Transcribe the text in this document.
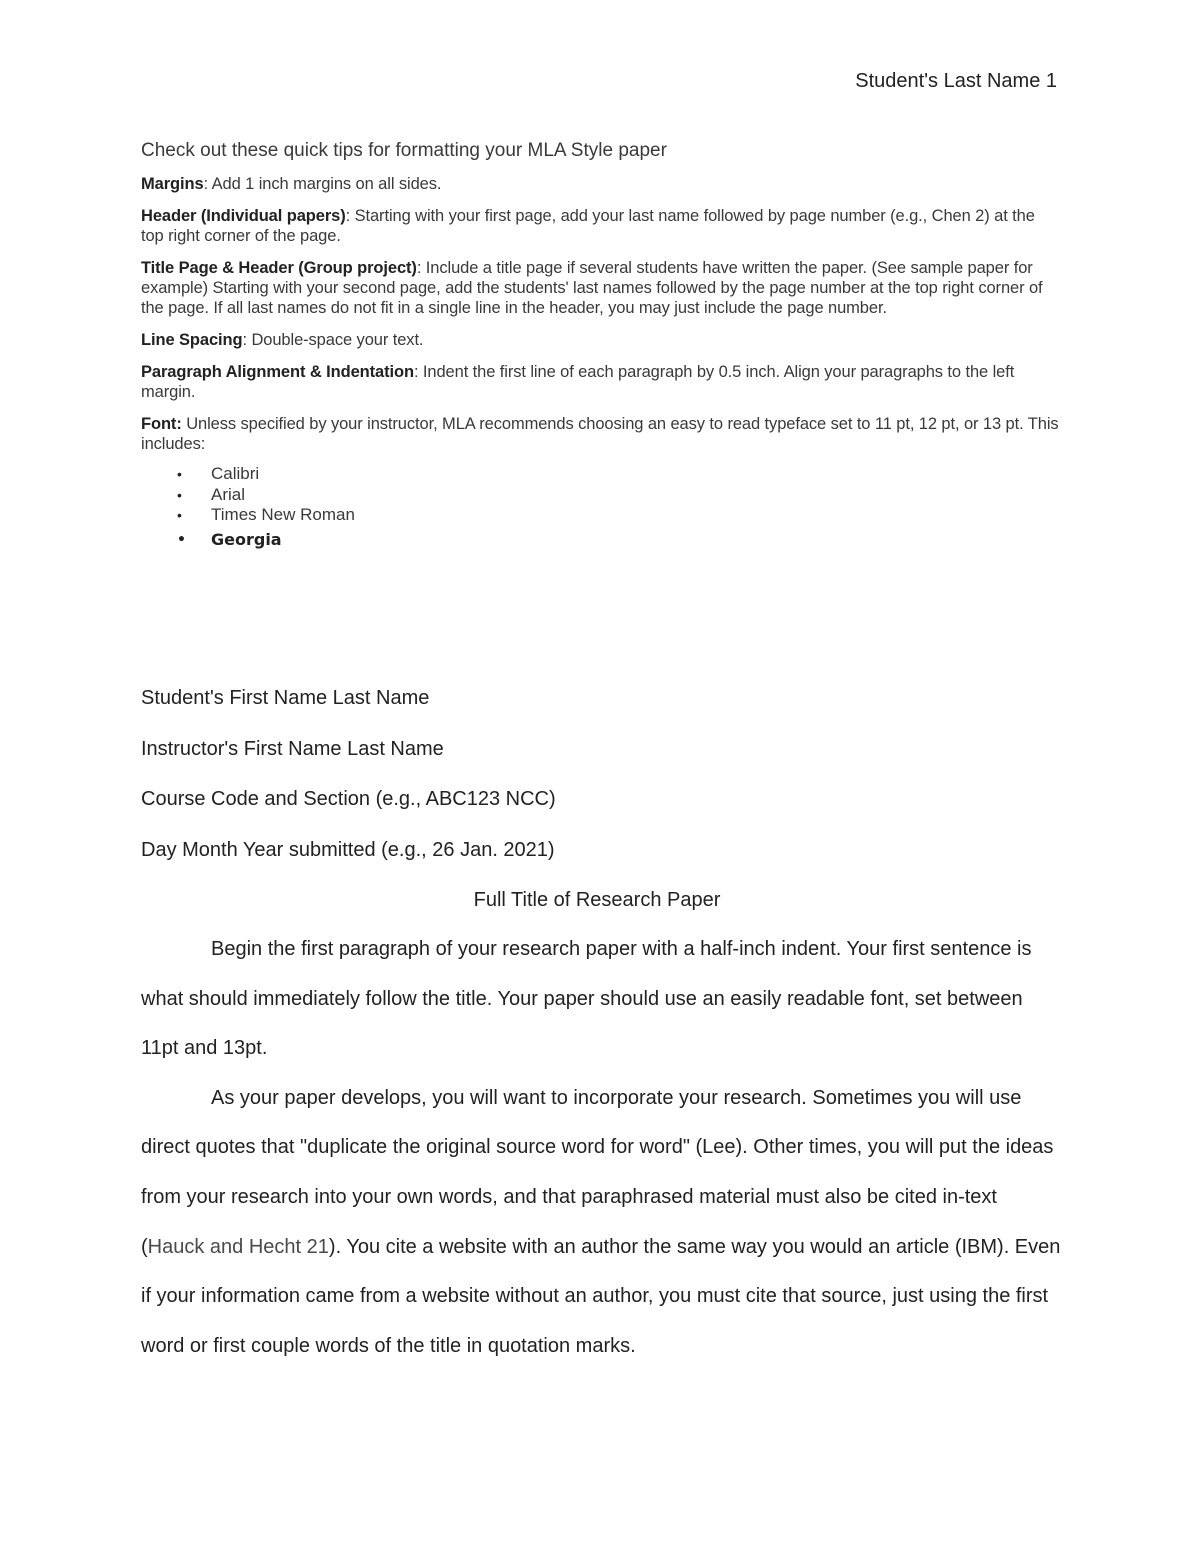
Student's Last Name 1

Check out these quick tips for formatting your MLA Style paper

Margins: Add 1 inch margins on all sides.

Header (Individual papers): Starting with your first page, add your last name followed by page number (e.g., Chen 2) at the top right corner of the page.

Title Page & Header (Group project): Include a title page if several students have written the paper. (See sample paper for example) Starting with your second page, add the students' last names followed by the page number at the top right corner of the page. If all last names do not fit in a single line in the header, you may just include the page number.

Line Spacing: Double-space your text.

Paragraph Alignment & Indentation: Indent the first line of each paragraph by 0.5 inch. Align your paragraphs to the left margin.

Font: Unless specified by your instructor, MLA recommends choosing an easy to read typeface set to 11 pt, 12 pt, or 13 pt. This includes:

• Calibri
• Arial
• Times New Roman
• Georgia

Student's First Name Last Name

Instructor's First Name Last Name

Course Code and Section (e.g., ABC123 NCC)

Day Month Year submitted (e.g., 26 Jan. 2021)

Full Title of Research Paper

Begin the first paragraph of your research paper with a half-inch indent. Your first sentence is what should immediately follow the title. Your paper should use an easily readable font, set between 11pt and 13pt.

As your paper develops, you will want to incorporate your research. Sometimes you will use direct quotes that "duplicate the original source word for word" (Lee). Other times, you will put the ideas from your research into your own words, and that paraphrased material must also be cited in-text (Hauck and Hecht 21). You cite a website with an author the same way you would an article (IBM). Even if your information came from a website without an author, you must cite that source, just using the first word or first couple words of the title in quotation marks.
